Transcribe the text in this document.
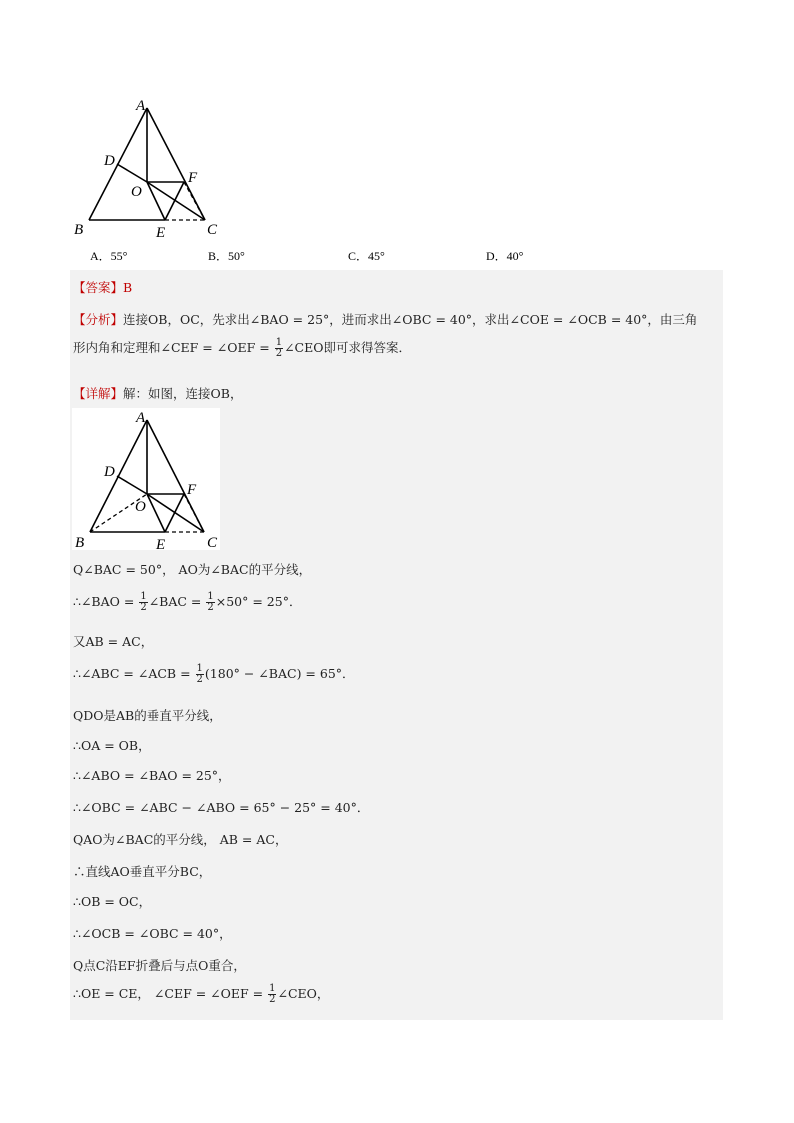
A
D
O
F
B	E	C
A．55°	B．50°	C．45°	D．40°
【答案】B
【分析】连接OB，OC，先求出∠BAO = 25°，进而求出∠OBC = 40°，求出∠COE = ∠OCB = 40°，由三角
形内角和定理和∠CEF = ∠OEF = $\frac{1}{2}$ ∠CEO即可求得答案．
【详解】解：如图，连接OB，
A
D
O
F
B	E	C
Q∠BAC = 50°， AO为∠BAC的平分线，
∴∠BAO = $\frac{1}{2}$ ∠BAC = $\frac{1}{2} \times 50^\circ = 25^\circ$．
又AB = AC，
∴∠ABC = ∠ACB = $\frac{1}{2} (180^\circ$ − ∠BAC) = 65°．
QDO是AB的垂直平分线，
∴OA = OB，
∴∠ABO = ∠BAO = 25°，
∴∠OBC = ∠ABC − ∠ABO = 65° − 25° = 40°．
QAO为∠BAC的平分线， AB = AC，
∴直线AO垂直平分BC，
∴OB = OC，
∴∠OCB = ∠OBC = 40°，
Q点C沿EF折叠后与点O重合，
∴OE = CE， ∠CEF = ∠OEF = $\frac{1}{2}$ ∠CEO，
